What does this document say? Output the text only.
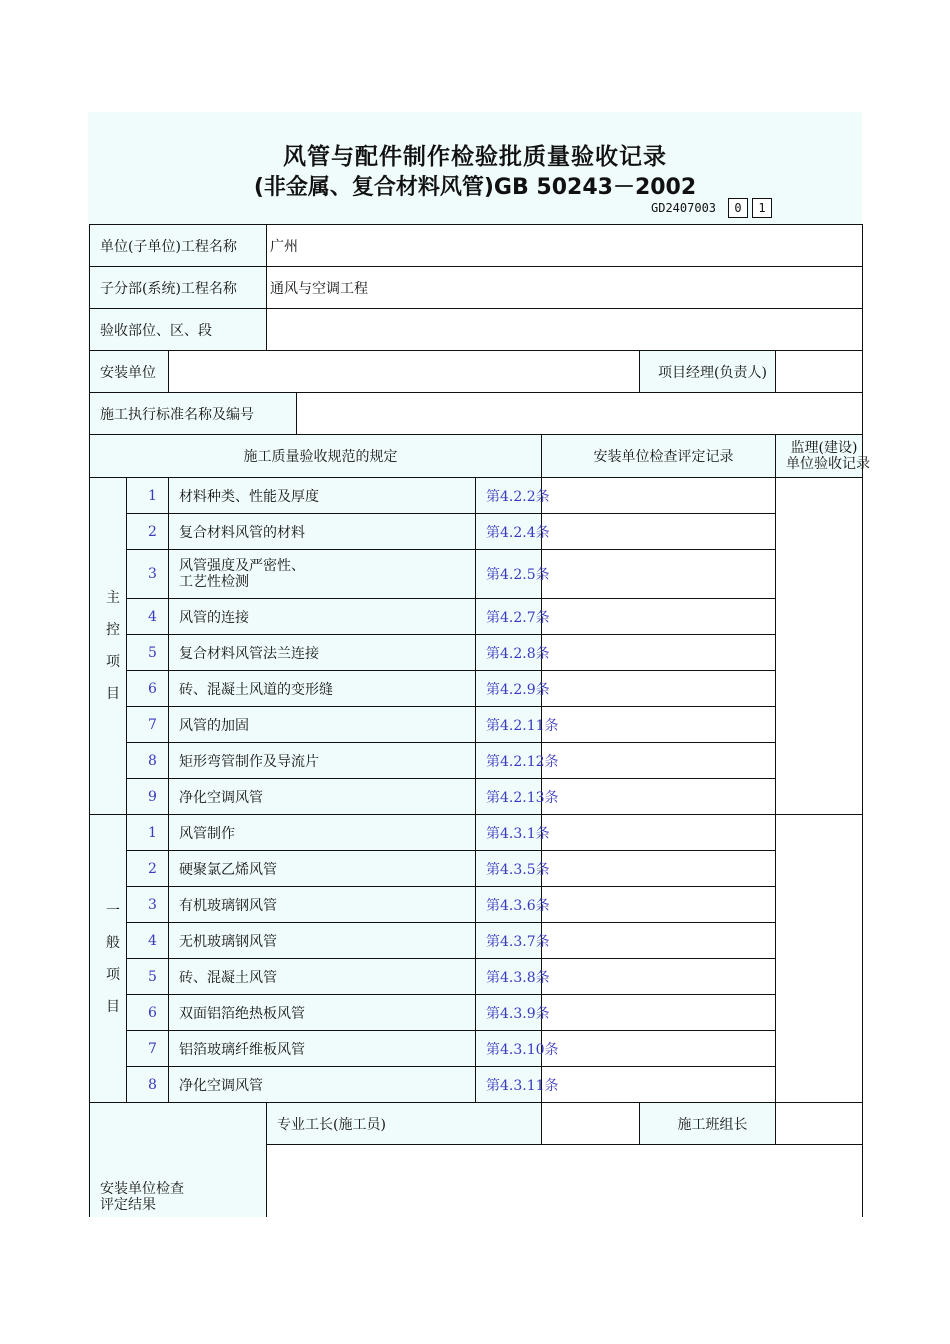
风管与配件制作检验批质量验收记录
(非金属、复合材料风管)GB 50243－2002
GD2407003	0	1
单位(子单位)工程名称			广州					
子分部(系统)工程名称			通风与空调工程					
验收部位、区、段								
安装单位							项目经理(负责人)	
施工执行标准名称及编号								
施工质量验收规范的规定						安装单位检查评定记录		监理(建设)
单位验收记录
主
控
项
目	1	材料种类、性能及厚度			第4.2.2条			
	2	复合材料风管的材料			第4.2.4条			
	3	风管强度及严密性、
工艺性检测			第4.2.5条			
	4	风管的连接			第4.2.7条			
	5	复合材料风管法兰连接			第4.2.8条			
	6	砖、混凝土风道的变形缝			第4.2.9条			
	7	风管的加固			第4.2.11条			
	8	矩形弯管制作及导流片			第4.2.12条			
	9	净化空调风管			第4.2.13条			
一
般
项
目	1	风管制作			第4.3.1条			
	2	硬聚氯乙烯风管			第4.3.5条			
	3	有机玻璃钢风管			第4.3.6条			
	4	无机玻璃钢风管			第4.3.7条			
	5	砖、混凝土风管			第4.3.8条			
	6	双面铝箔绝热板风管			第4.3.9条			
	7	铝箔玻璃纤维板风管			第4.3.10条			
	8	净化空调风管			第4.3.11条			
安装单位检查
评定结果			专业工长(施工员)				施工班组长	
